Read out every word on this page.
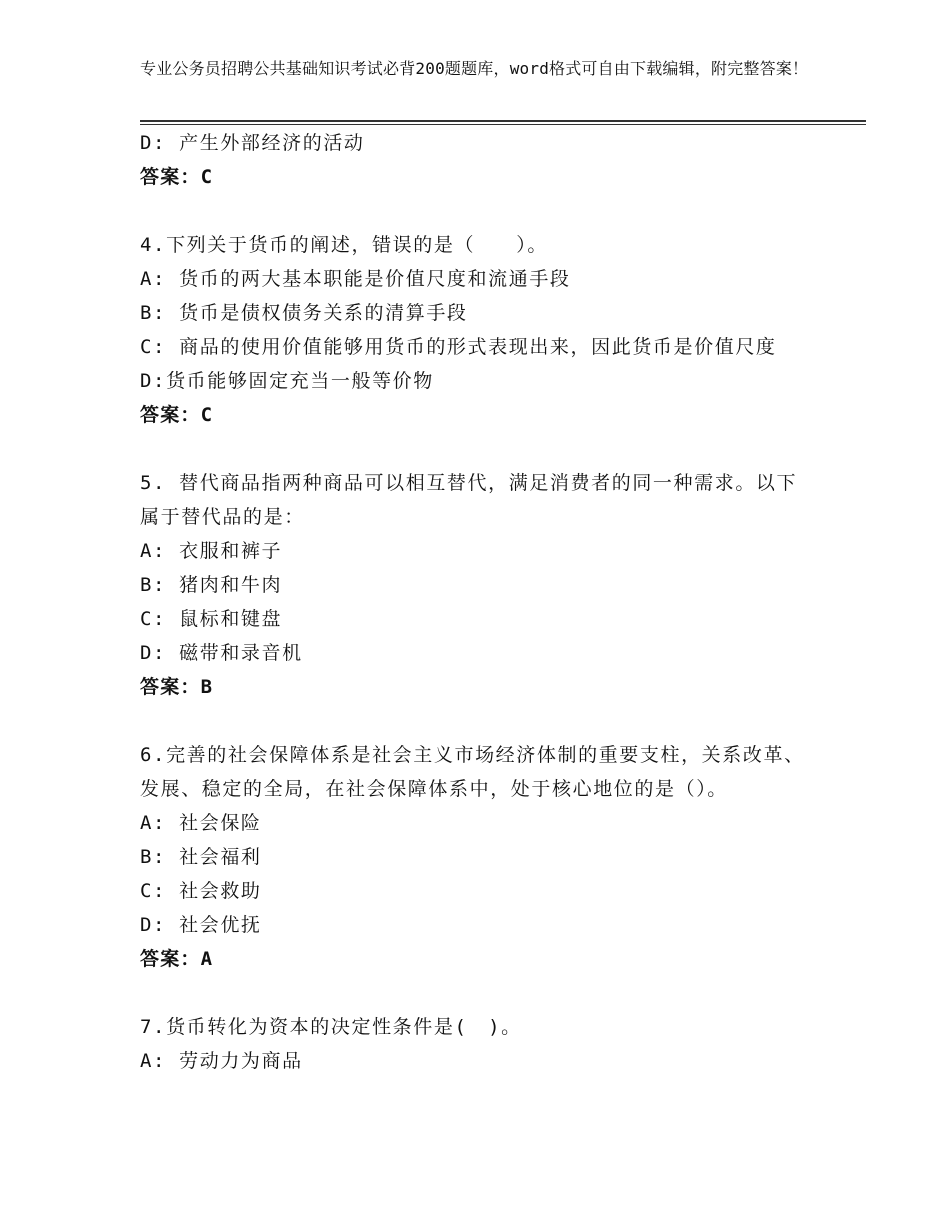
专业公务员招聘公共基础知识考试必背200题题库，word格式可自由下载编辑，附完整答案！
D: 产生外部经济的活动
答案：C
4.下列关于货币的阐述，错误的是（　　）。
A: 货币的两大基本职能是价值尺度和流通手段
B: 货币是债权债务关系的清算手段
C: 商品的使用价值能够用货币的形式表现出来，因此货币是价值尺度
D:货币能够固定充当一般等价物
答案：C
5. 替代商品指两种商品可以相互替代，满足消费者的同一种需求。以下属于替代品的是：
A: 衣服和裤子
B: 猪肉和牛肉
C: 鼠标和键盘
D: 磁带和录音机
答案：B
6.完善的社会保障体系是社会主义市场经济体制的重要支柱，关系改革、发展、稳定的全局，在社会保障体系中，处于核心地位的是（）。
A: 社会保险
B: 社会福利
C: 社会救助
D: 社会优抚
答案：A
7.货币转化为资本的决定性条件是(　)。
A: 劳动力为商品
